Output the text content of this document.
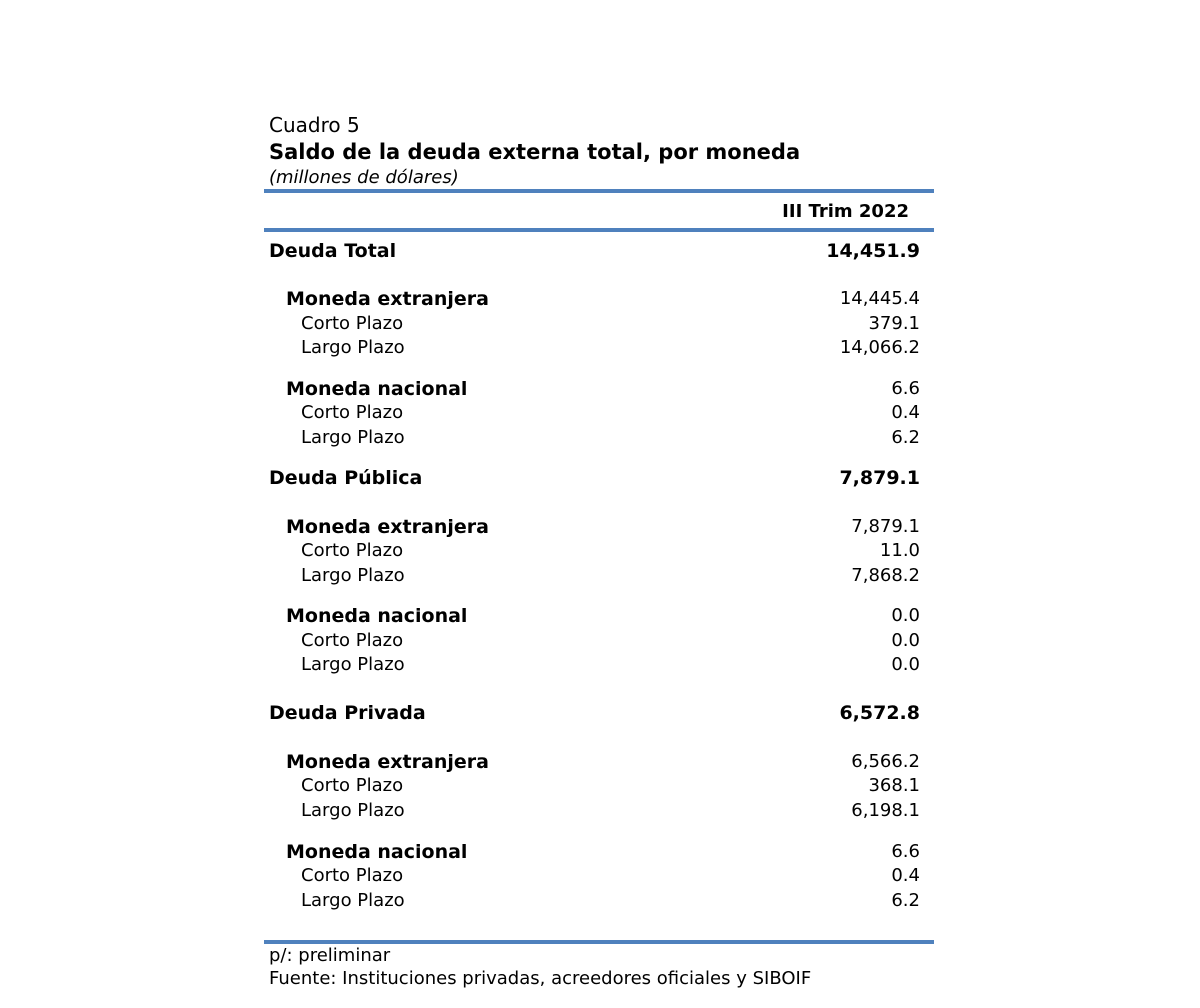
Cuadro 5
Saldo de la deuda externa total, por moneda
(millones de dólares)
III Trim 2022
Deuda Total	14,451.9
Moneda extranjera	14,445.4
Corto Plazo	379.1
Largo Plazo	14,066.2
Moneda nacional	6.6
Corto Plazo	0.4
Largo Plazo	6.2
Deuda Pública	7,879.1
Moneda extranjera	7,879.1
Corto Plazo	11.0
Largo Plazo	7,868.2
Moneda nacional	0.0
Corto Plazo	0.0
Largo Plazo	0.0
Deuda Privada	6,572.8
Moneda extranjera	6,566.2
Corto Plazo	368.1
Largo Plazo	6,198.1
Moneda nacional	6.6
Corto Plazo	0.4
Largo Plazo	6.2
p/: preliminar
Fuente: Instituciones privadas, acreedores oficiales y SIBOIF
